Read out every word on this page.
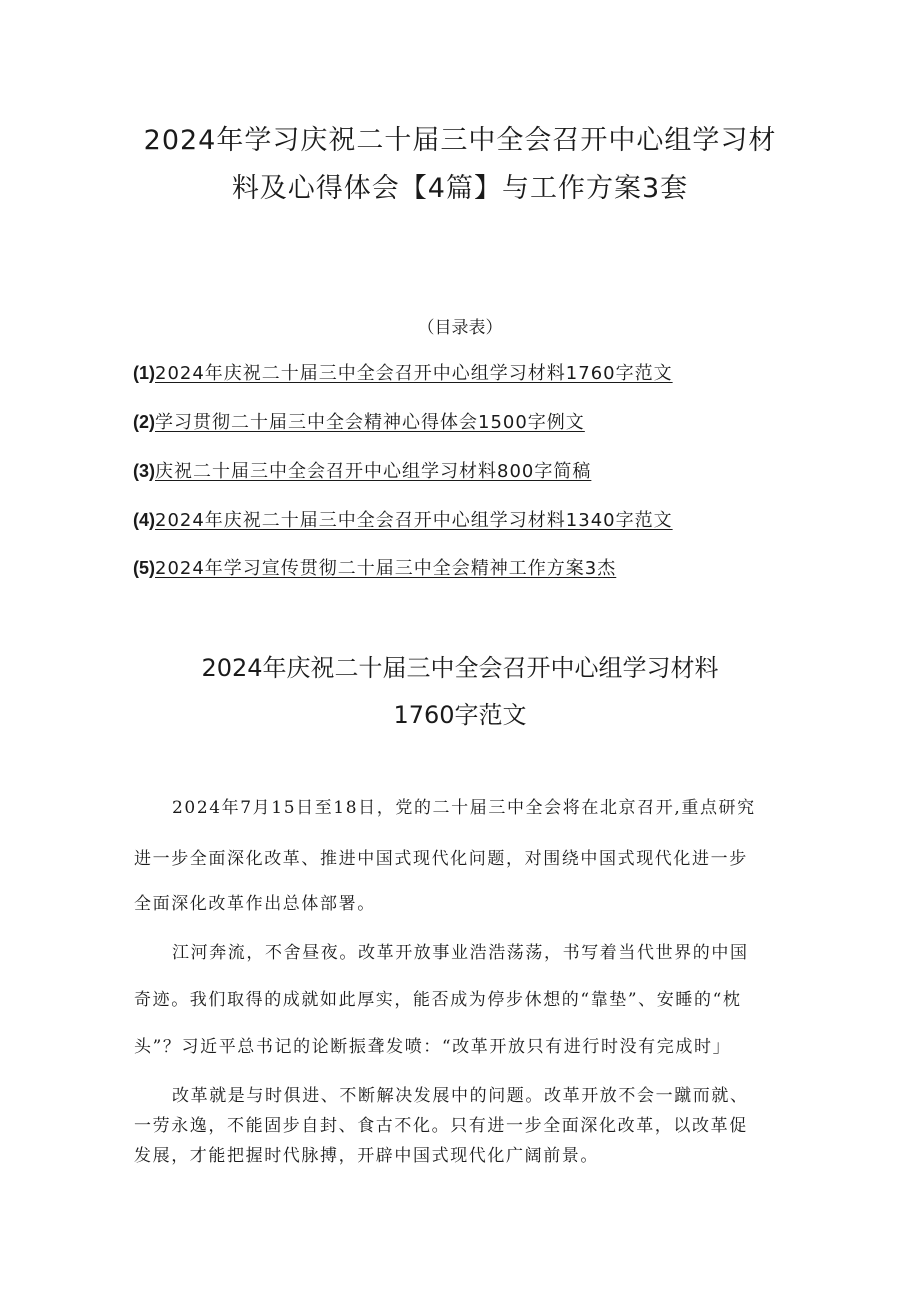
2024年学习庆祝二十届三中全会召开中心组学习材
料及心得体会【4篇】与工作方案3套

（目录表）

(1)2024年庆祝二十届三中全会召开中心组学习材料1760字范文

(2)学习贯彻二十届三中全会精神心得体会1500字例文

(3)庆祝二十届三中全会召开中心组学习材料800字简稿

(4)2024年庆祝二十届三中全会召开中心组学习材料1340字范文

(5)2024年学习宣传贯彻二十届三中全会精神工作方案3杰

2024年庆祝二十届三中全会召开中心组学习材料
1760字范文

2024年7月15日至18日，党的二十届三中全会将在北京召开,重点研究

进一步全面深化改革、推进中国式现代化问题，对围绕中国式现代化进一步

全面深化改革作出总体部署。

江河奔流，不舍昼夜。改革开放事业浩浩荡荡，书写着当代世界的中国

奇迹。我们取得的成就如此厚实，能否成为停步休想的“靠垫”、安睡的“枕

头”？习近平总书记的论断振聋发喷：“改革开放只有进行时没有完成时」

改革就是与时俱进、不断解决发展中的问题。改革开放不会一蹴而就、

一劳永逸，不能固步自封、食古不化。只有进一步全面深化改革，以改革促

发展，才能把握时代脉搏，开辟中国式现代化广阔前景。
